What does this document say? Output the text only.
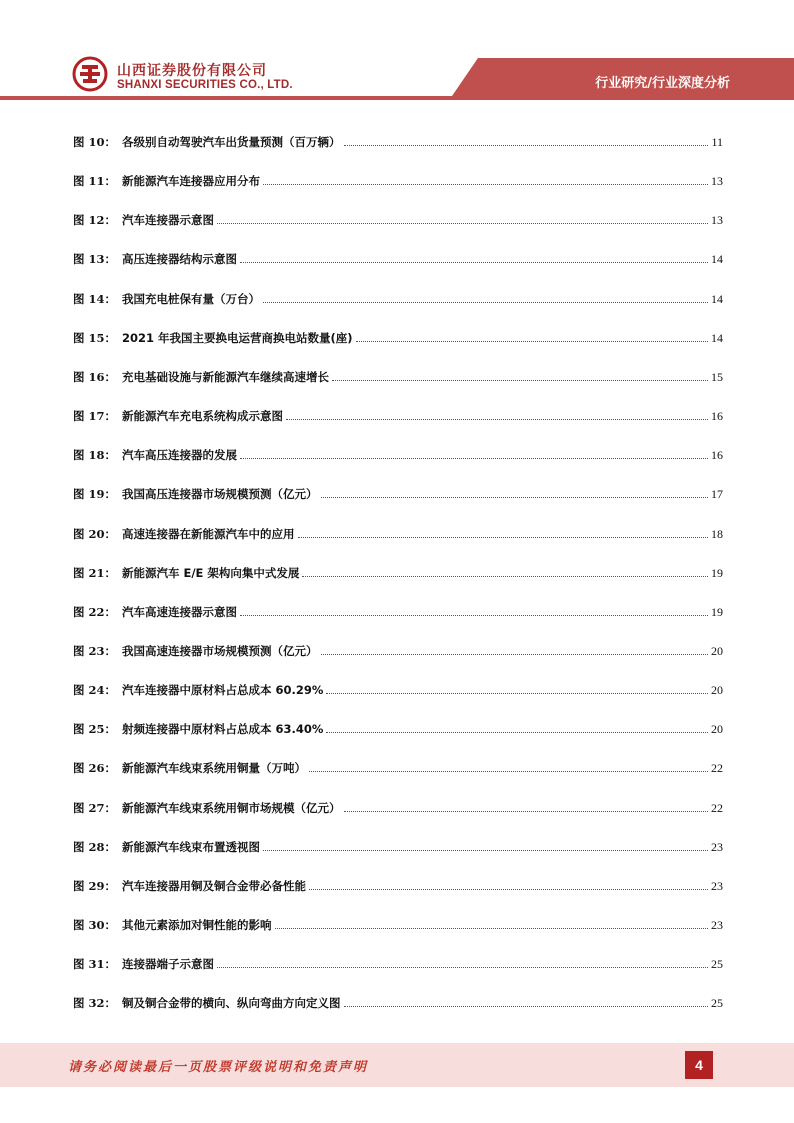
山西证券股份有限公司
SHANXI SECURITIES CO., LTD.	行业研究/行业深度分析
图 10： 各级别自动驾驶汽车出货量预测（百万辆）	11
图 11： 新能源汽车连接器应用分布	13
图 12： 汽车连接器示意图	13
图 13： 高压连接器结构示意图	14
图 14： 我国充电桩保有量（万台）	14
图 15： 2021 年我国主要换电运营商换电站数量(座)	14
图 16： 充电基础设施与新能源汽车继续高速增长	15
图 17： 新能源汽车充电系统构成示意图	16
图 18： 汽车高压连接器的发展	16
图 19： 我国高压连接器市场规模预测（亿元）	17
图 20： 高速连接器在新能源汽车中的应用	18
图 21： 新能源汽车 E/E 架构向集中式发展	19
图 22： 汽车高速连接器示意图	19
图 23： 我国高速连接器市场规模预测（亿元）	20
图 24： 汽车连接器中原材料占总成本 60.29%	20
图 25： 射频连接器中原材料占总成本 63.40%	20
图 26： 新能源汽车线束系统用铜量（万吨）	22
图 27： 新能源汽车线束系统用铜市场规模（亿元）	22
图 28： 新能源汽车线束布置透视图	23
图 29： 汽车连接器用铜及铜合金带必备性能	23
图 30： 其他元素添加对铜性能的影响	23
图 31： 连接器端子示意图	25
图 32： 铜及铜合金带的横向、纵向弯曲方向定义图	25
请务必阅读最后一页股票评级说明和免责声明	4
